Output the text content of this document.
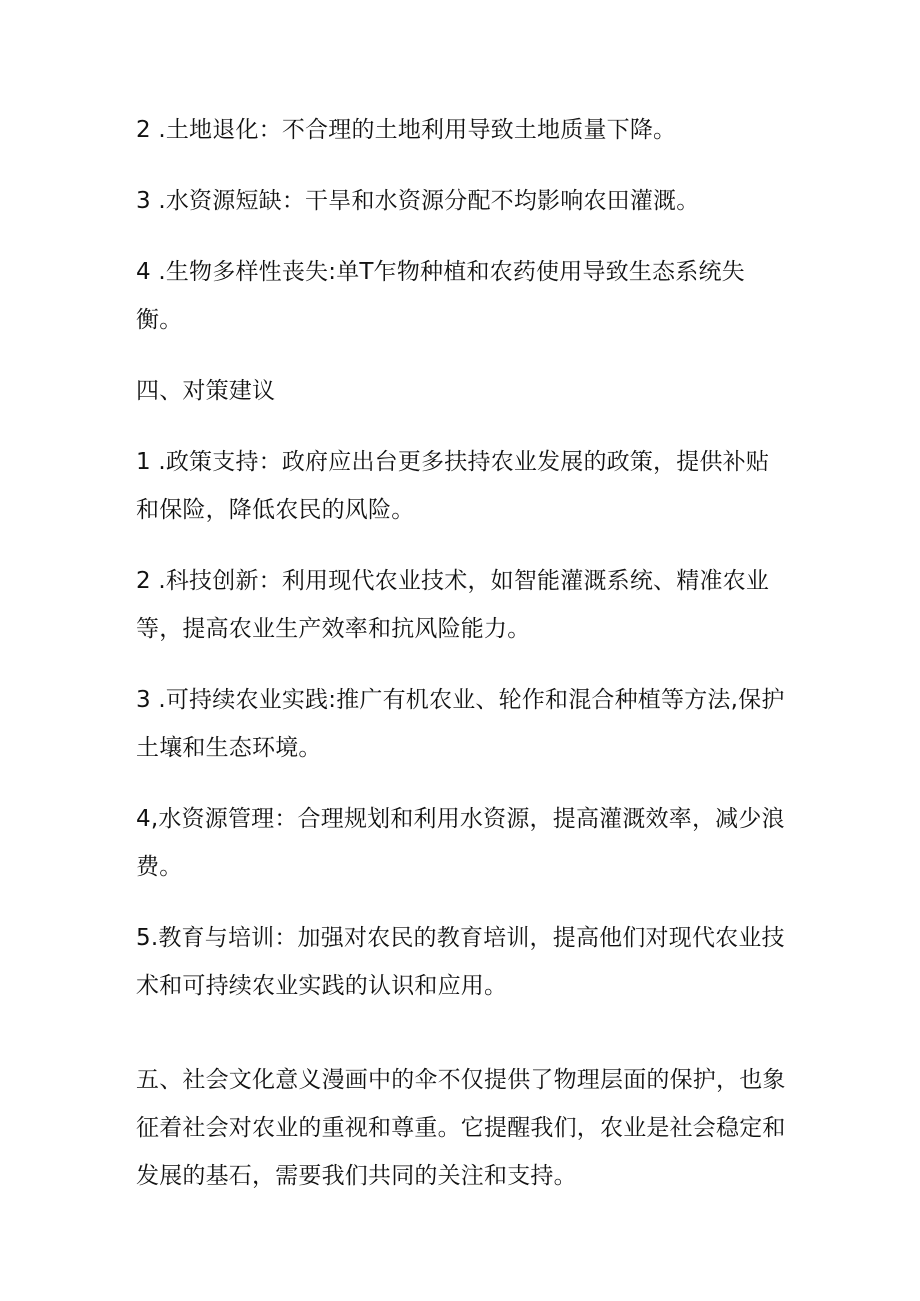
2 .土地退化：不合理的土地利用导致土地质量下降。

3 .水资源短缺：干旱和水资源分配不均影响农田灌溉。

4 .生物多样性丧失:单T乍物种植和农药使用导致生态系统失衡。

四、对策建议

1 .政策支持：政府应出台更多扶持农业发展的政策，提供补贴和保险，降低农民的风险。

2 .科技创新：利用现代农业技术，如智能灌溉系统、精准农业等，提高农业生产效率和抗风险能力。

3 .可持续农业实践:推广有机农业、轮作和混合种植等方法,保护土壤和生态环境。

4,水资源管理：合理规划和利用水资源，提高灌溉效率，减少浪费。

5.教育与培训：加强对农民的教育培训，提高他们对现代农业技术和可持续农业实践的认识和应用。

五、社会文化意义漫画中的伞不仅提供了物理层面的保护，也象征着社会对农业的重视和尊重。它提醒我们，农业是社会稳定和发展的基石，需要我们共同的关注和支持。
